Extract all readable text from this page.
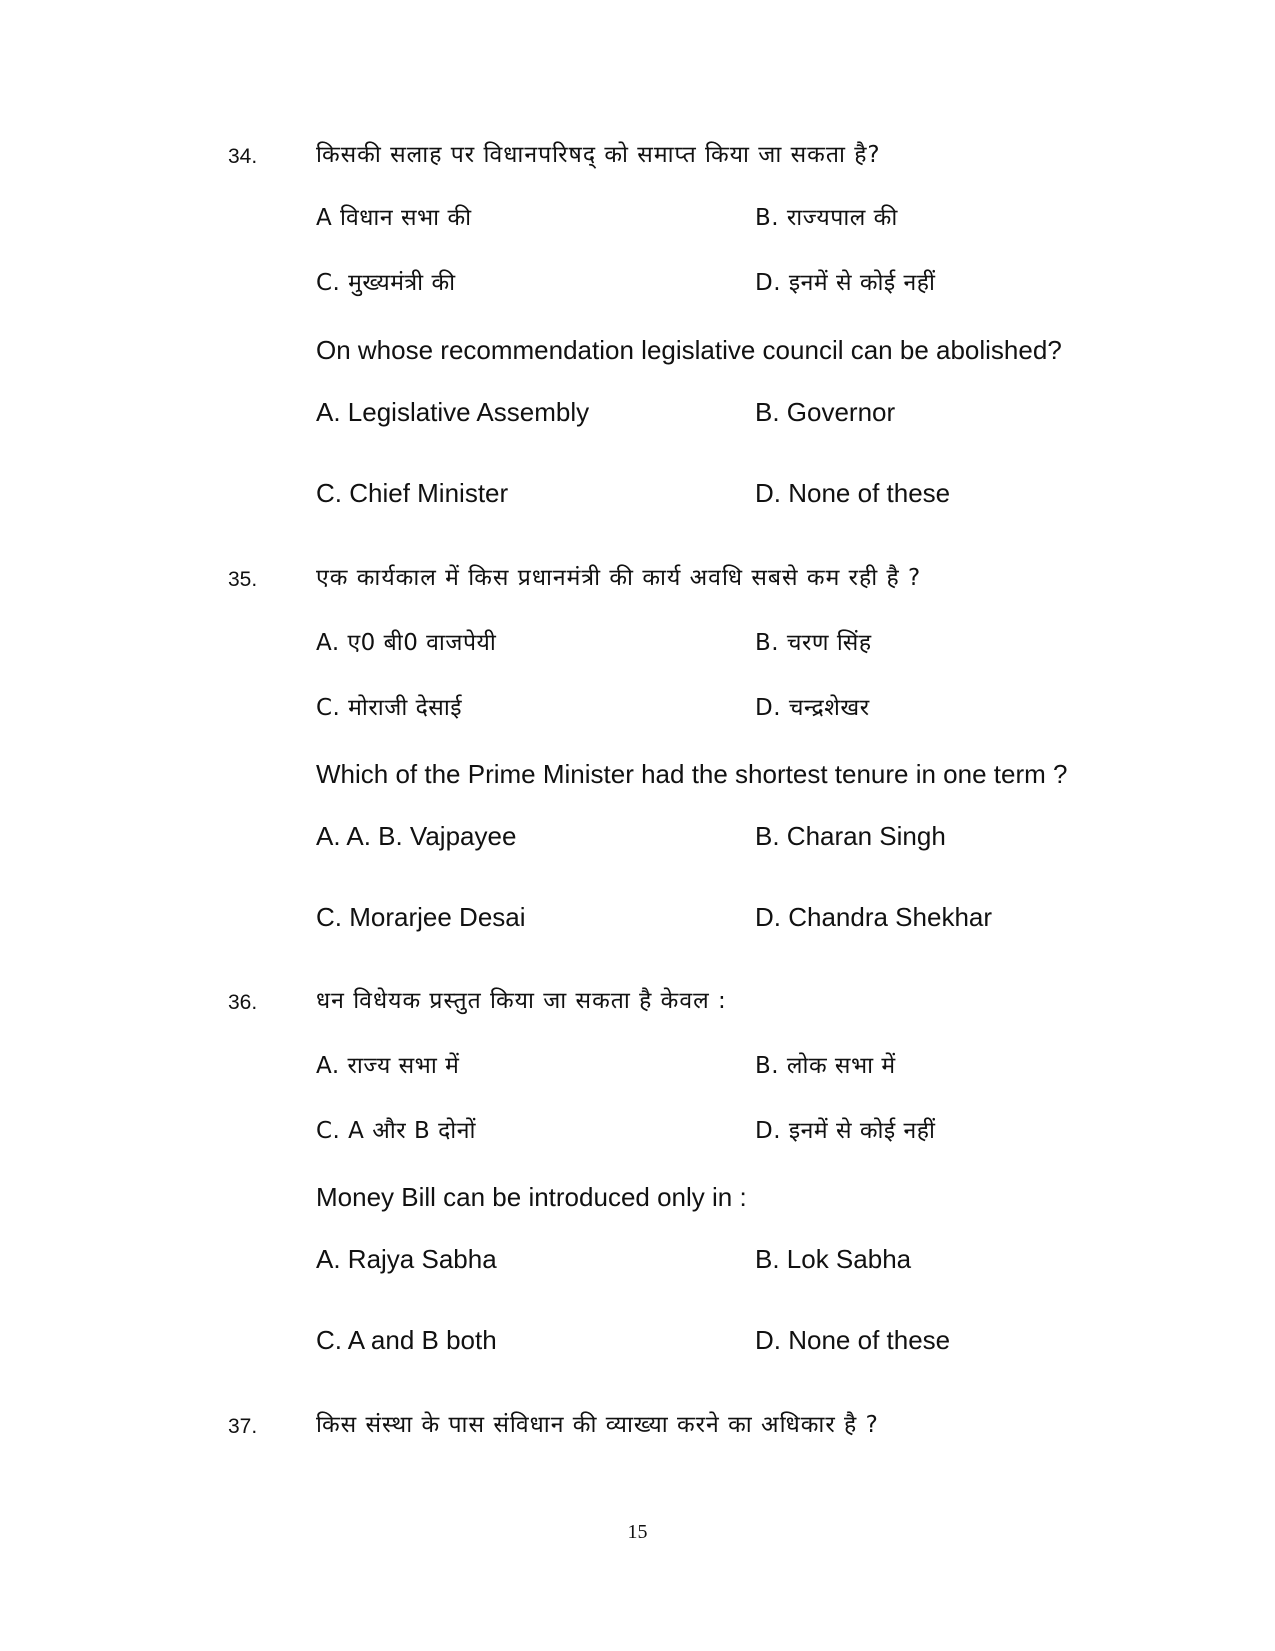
34.	किसकी सलाह पर विधानपरिषद् को समाप्त किया जा सकता है?
A विधान सभा की	B. राज्यपाल की
C. मुख्यमंत्री की	D. इनमें से कोई नहीं
On whose recommendation legislative council can be abolished?
A. Legislative Assembly	B. Governor
C. Chief Minister	D. None of these
35.	एक कार्यकाल में किस प्रधानमंत्री की कार्य अवधि सबसे कम रही है ?
A. ए0 बी0 वाजपेयी	B. चरण सिंह
C. मोराजी देसाई	D. चन्द्रशेखर
Which of the Prime Minister had the shortest tenure in one term ?
A. A. B. Vajpayee	B. Charan Singh
C. Morarjee Desai	D. Chandra Shekhar
36.	धन विधेयक प्रस्तुत किया जा सकता है केवल :
A. राज्य सभा में	B. लोक सभा में
C. A और B दोनों	D. इनमें से कोई नहीं
Money Bill can be introduced only in :
A. Rajya Sabha	B. Lok Sabha
C. A and B both	D. None of these
37.	किस संस्था के पास संविधान की व्याख्या करने का अधिकार है ?
15
